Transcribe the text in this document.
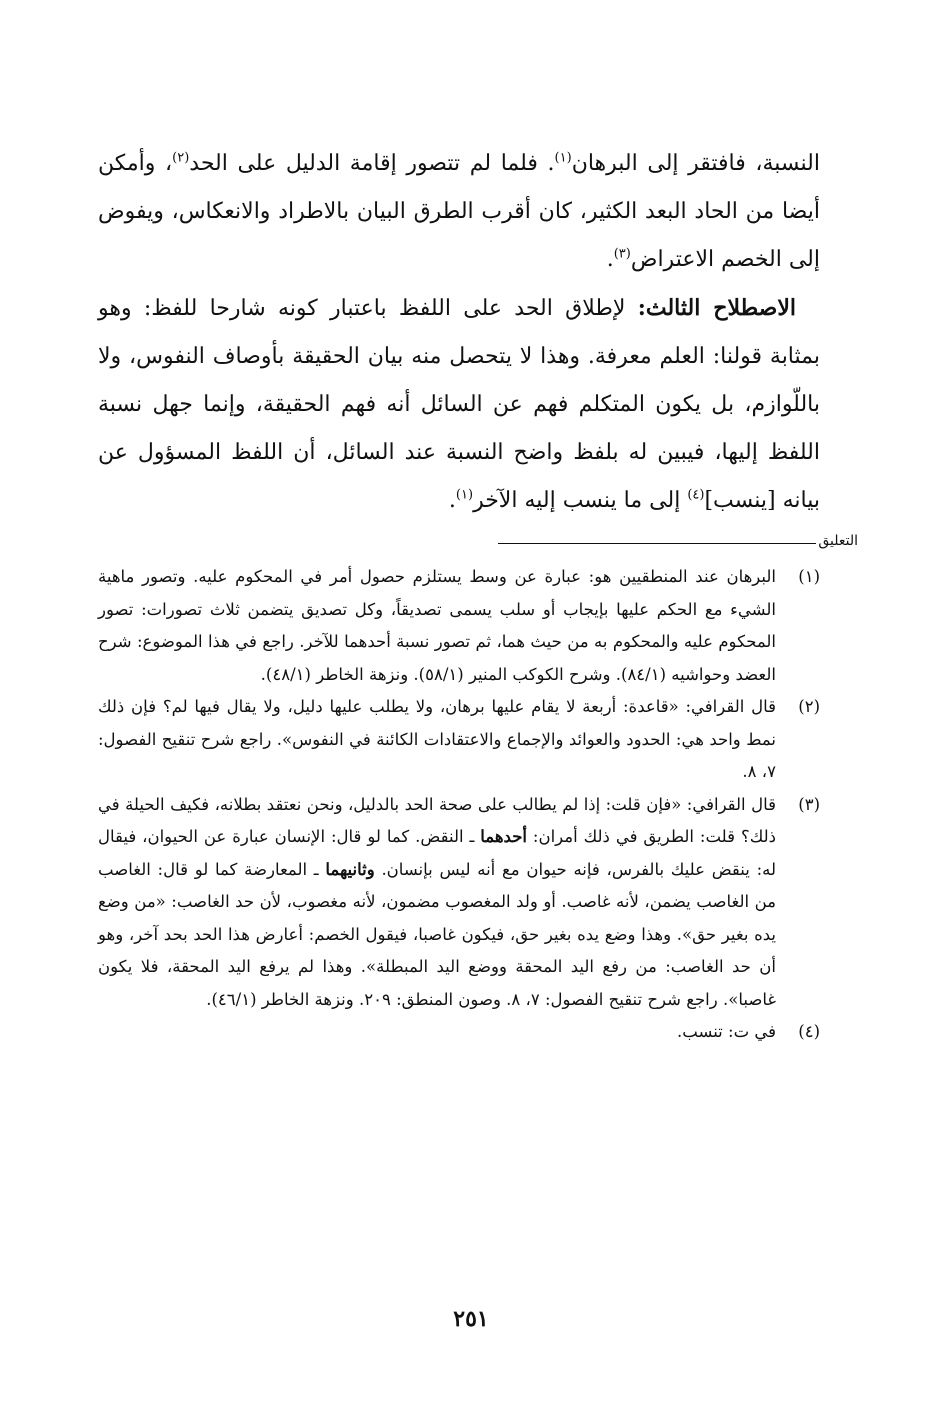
النسبة، فافتقر إلى البرهان$^{(١)}$. فلما لم تتصور إقامة الدليل على الحد$^{(٢)}$، وأمكن أيضا من الحاد البعد الكثير، كان أقرب الطرق البيان بالاطراد والانعكاس، ويفوض إلى الخصم الاعتراض$^{(٣)}$.

الاصطلاح الثالث: لإطلاق الحد على اللفظ باعتبار كونه شارحا للفظ: وهو بمثابة قولنا: العلم معرفة. وهذا لا يتحصل منه بيان الحقيقة بأوصاف النفوس، ولا باللّوازم، بل يكون المتكلم فهم عن السائل أنه فهم الحقيقة، وإنما جهل نسبة اللفظ إليها، فيبين له بلفظ واضح النسبة عند السائل، أن اللفظ المسؤول عن بيانه [ينسب]$^{(٤)}$ إلى ما ينسب إليه الآخر$^{(١)}$.

التعليق
(١)

البرهان عند المنطقيين هو: عبارة عن وسط يستلزم حصول أمر في المحكوم عليه. وتصور ماهية الشيء مع الحكم عليها بإيجاب أو سلب يسمى تصديقاً، وكل تصديق يتضمن ثلاث تصورات: تصور المحكوم عليه والمحكوم به من حيث هما، ثم تصور نسبة أحدهما للآخر. راجع في هذا الموضوع: شرح العضد وحواشيه (٨٤/١). وشرح الكوكب المنير (٥٨/١). ونزهة الخاطر (٤٨/١).

(٢)

قال القرافي: «قاعدة: أربعة لا يقام عليها برهان، ولا يطلب عليها دليل، ولا يقال فيها لم؟ فإن ذلك نمط واحد هي: الحدود والعوائد والإجماع والاعتقادات الكائنة في النفوس». راجع شرح تنقيح الفصول: ٧، ٨.

(٣)

قال القرافي: «فإن قلت: إذا لم يطالب على صحة الحد بالدليل، ونحن نعتقد بطلانه، فكيف الحيلة في ذلك؟ قلت: الطريق في ذلك أمران: أحدهما ـ النقض. كما لو قال: الإنسان عبارة عن الحيوان، فيقال له: ينقض عليك بالفرس، فإنه حيوان مع أنه ليس بإنسان. وثانيهما ـ المعارضة كما لو قال: الغاصب من الغاصب يضمن، لأنه غاصب. أو ولد المغصوب مضمون، لأنه مغصوب، لأن حد الغاصب: «من وضع يده بغير حق». وهذا وضع يده بغير حق، فيكون غاصبا، فيقول الخصم: أعارض هذا الحد بحد آخر، وهو أن حد الغاصب: من رفع اليد المحقة ووضع اليد المبطلة». وهذا لم يرفع اليد المحقة، فلا يكون غاصبا». راجع شرح تنقيح الفصول: ٧، ٨. وصون المنطق: ٢٠٩. ونزهة الخاطر (٤٦/١).

(٤)

في ت: تنسب.

٢٥١
